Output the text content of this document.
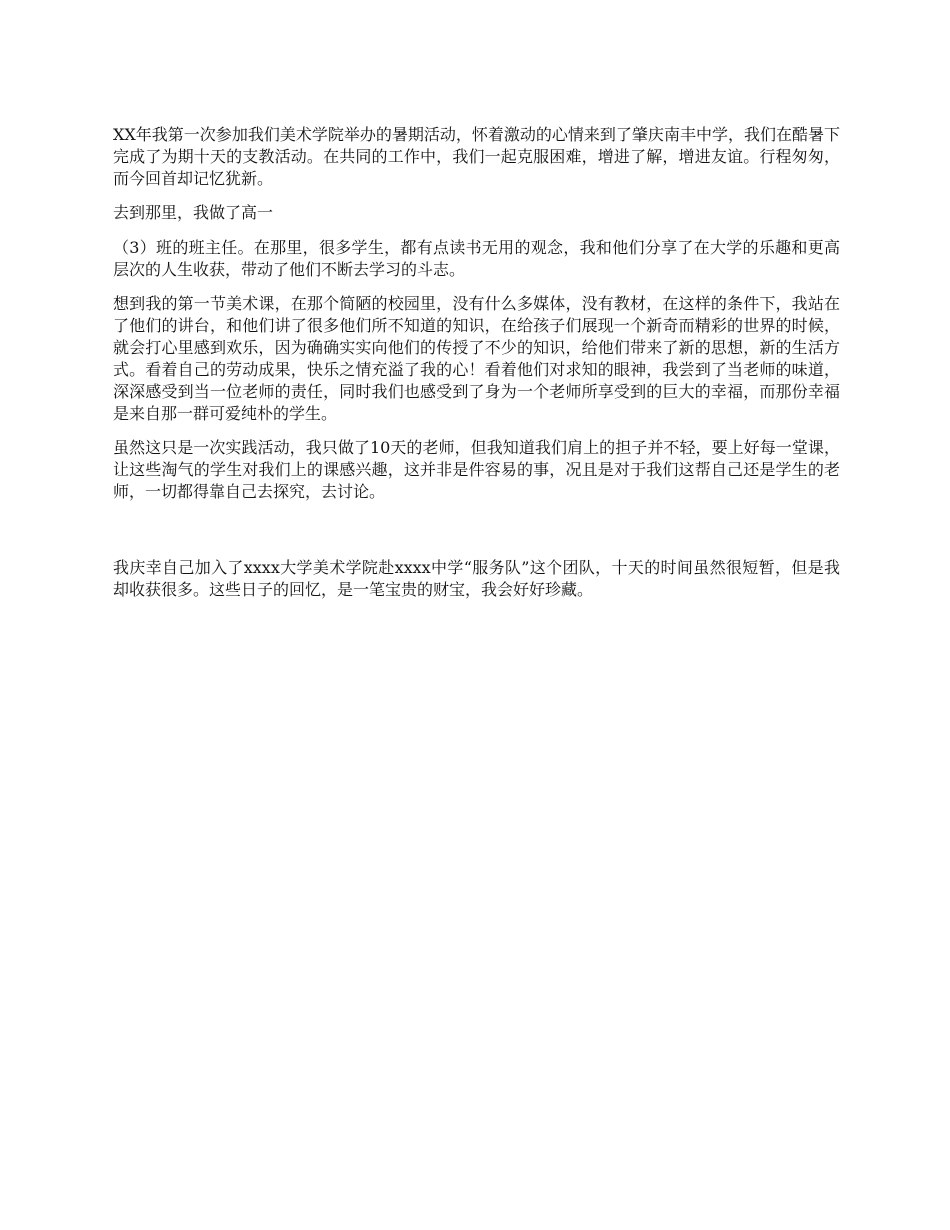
XX年我第一次参加我们美术学院举办的暑期活动，怀着激动的心情来到了肇庆南丰中学，我们在酷暑下完成了为期十天的支教活动。在共同的工作中，我们一起克服困难，增进了解，增进友谊。行程匆匆，而今回首却记忆犹新。

去到那里，我做了高一

（3）班的班主任。在那里，很多学生，都有点读书无用的观念，我和他们分享了在大学的乐趣和更高层次的人生收获，带动了他们不断去学习的斗志。

想到我的第一节美术课，在那个简陋的校园里，没有什么多媒体，没有教材，在这样的条件下，我站在了他们的讲台，和他们讲了很多他们所不知道的知识，在给孩子们展现一个新奇而精彩的世界的时候，就会打心里感到欢乐，因为确确实实向他们的传授了不少的知识，给他们带来了新的思想，新的生活方式。看着自己的劳动成果，快乐之情充溢了我的心！看着他们对求知的眼神，我尝到了当老师的味道，深深感受到当一位老师的责任，同时我们也感受到了身为一个老师所享受到的巨大的幸福，而那份幸福是来自那一群可爱纯朴的学生。

虽然这只是一次实践活动，我只做了10天的老师，但我知道我们肩上的担子并不轻，要上好每一堂课，让这些淘气的学生对我们上的课感兴趣，这并非是件容易的事，况且是对于我们这帮自己还是学生的老师，一切都得靠自己去探究，去讨论。

我庆幸自己加入了xxxx大学美术学院赴xxxx中学“服务队”这个团队，十天的时间虽然很短暂，但是我却收获很多。这些日子的回忆，是一笔宝贵的财宝，我会好好珍藏。
